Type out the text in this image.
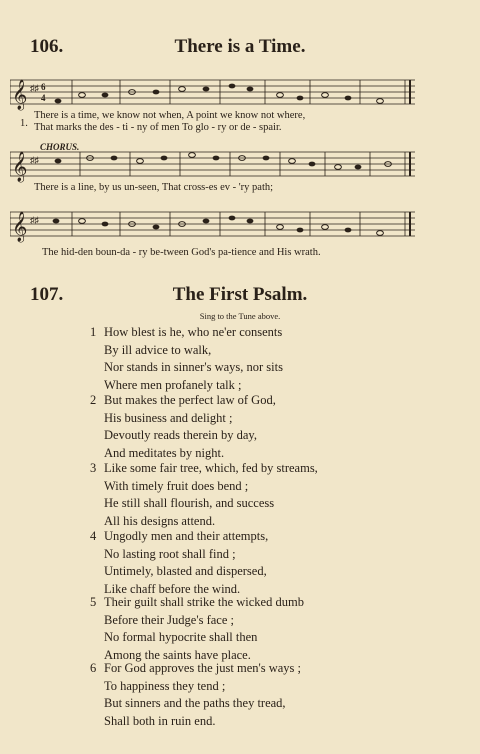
106.	There is a Time.
𝄞 ♯♯ 6
4
1.
There is a time, we know not when, A point we know not where,
That marks the des - ti - ny of men To glo - ry or de - spair.
CHORUS.
𝄞 ♯♯
There is a line, by us un-seen, That cross-es ev - 'ry path;
𝄞 ♯♯
The hid-den boun-da - ry be-tween God's pa-tience and His wrath.
107.	The First Psalm.
Sing to the Tune above.
1 How blest is he, who ne'er consents
By ill advice to walk,
Nor stands in sinner's ways, nor sits
Where men profanely talk ;
2 But makes the perfect law of God,
His business and delight ;
Devoutly reads therein by day,
And meditates by night.
3 Like some fair tree, which, fed by streams,
With timely fruit does bend ;
He still shall flourish, and success
All his designs attend.
4 Ungodly men and their attempts,
No lasting root shall find ;
Untimely, blasted and dispersed,
Like chaff before the wind.
5 Their guilt shall strike the wicked dumb
Before their Judge's face ;
No formal hypocrite shall then
Among the saints have place.
6 For God approves the just men's ways ;
To happiness they tend ;
But sinners and the paths they tread,
Shall both in ruin end.
